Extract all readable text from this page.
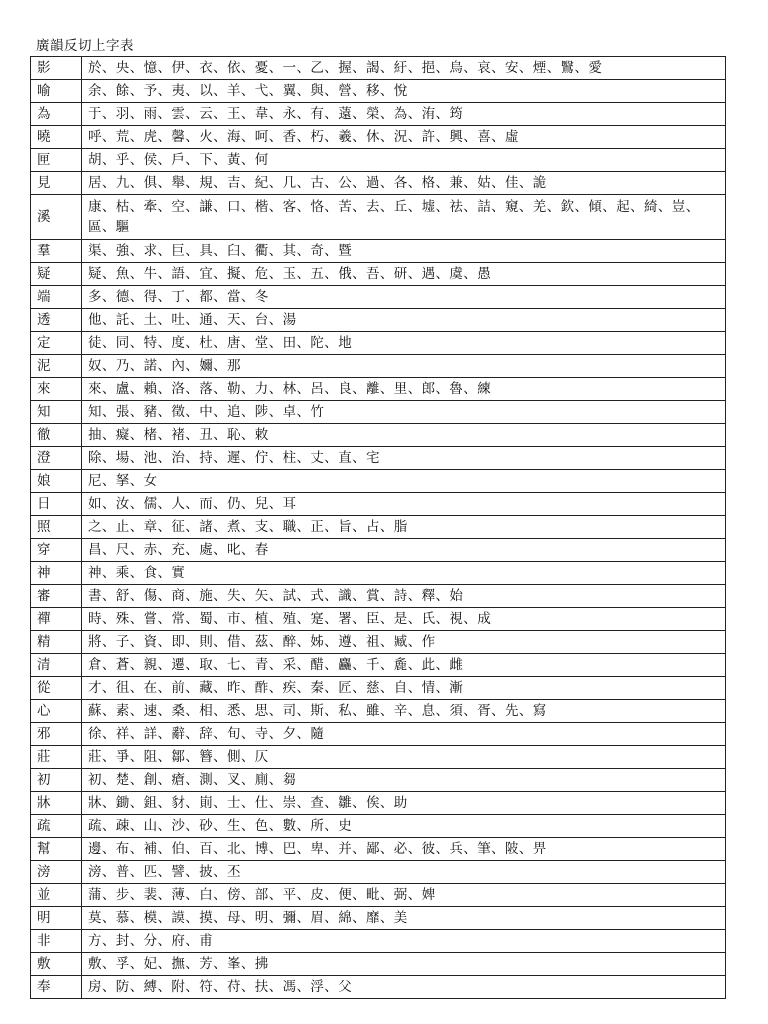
廣韻反切上字表
影	於、央、憶、伊、衣、依、憂、一、乙、握、謁、紆、挹、烏、哀、安、煙、鷖、愛
喻	余、餘、予、夷、以、羊、弋、翼、與、營、移、悅
為	于、羽、雨、雲、云、王、韋、永、有、薳、榮、為、洧、筠
曉	呼、荒、虎、馨、火、海、呵、香、朽、羲、休、況、許、興、喜、虛
匣	胡、乎、侯、戶、下、黃、何
見	居、九、俱、舉、規、吉、紀、几、古、公、過、各、格、兼、姑、佳、詭
溪	康、枯、牽、空、謙、口、楷、客、恪、苦、去、丘、墟、祛、詰、窺、羌、欽、傾、起、綺、豈、 區、驅
羣	渠、強、求、巨、具、臼、衢、其、奇、暨
疑	疑、魚、牛、語、宜、擬、危、玉、五、俄、吾、研、遇、虞、愚
端	多、德、得、丁、都、當、冬
透	他、託、土、吐、通、天、台、湯
定	徒、同、特、度、杜、唐、堂、田、陀、地
泥	奴、乃、諾、內、嬭、那
來	來、盧、賴、洛、落、勒、力、林、呂、良、離、里、郎、魯、練
知	知、張、豬、徵、中、追、陟、卓、竹
徹	抽、癡、楮、褚、丑、恥、敕
澄	除、場、池、治、持、遲、佇、柱、丈、直、宅
娘	尼、拏、女
日	如、汝、儒、人、而、仍、兒、耳
照	之、止、章、征、諸、煮、支、職、正、旨、占、脂
穿	昌、尺、赤、充、處、叱、春
神	神、乘、食、實
審	書、舒、傷、商、施、失、矢、試、式、識、賞、詩、釋、始
禪	時、殊、嘗、常、蜀、市、植、殖、寔、署、臣、是、氏、視、成
精	將、子、資、即、則、借、茲、醉、姊、遵、祖、臧、作
清	倉、蒼、親、遷、取、七、青、采、醋、麤、千、麁、此、雌
從	才、徂、在、前、藏、昨、酢、疾、秦、匠、慈、自、情、漸
心	蘇、素、速、桑、相、悉、思、司、斯、私、雖、辛、息、須、胥、先、寫
邪	徐、祥、詳、辭、辞、旬、寺、夕、隨
莊	莊、爭、阻、鄒、簪、側、仄
初	初、楚、創、瘡、測、叉、廁、芻
牀	牀、鋤、鉏、豺、崱、士、仕、崇、查、雛、俟、助
疏	疏、疎、山、沙、砂、生、色、數、所、史
幫	邊、布、補、伯、百、北、博、巴、卑、并、鄙、必、彼、兵、筆、陂、畀
滂	滂、普、匹、譬、披、丕
並	蒲、步、裴、薄、白、傍、部、平、皮、便、毗、弼、婢
明	莫、慕、模、謨、摸、母、明、彌、眉、綿、靡、美
非	方、封、分、府、甫
敷	敷、孚、妃、撫、芳、峯、拂
奉	房、防、縛、附、符、苻、扶、馮、浮、父
